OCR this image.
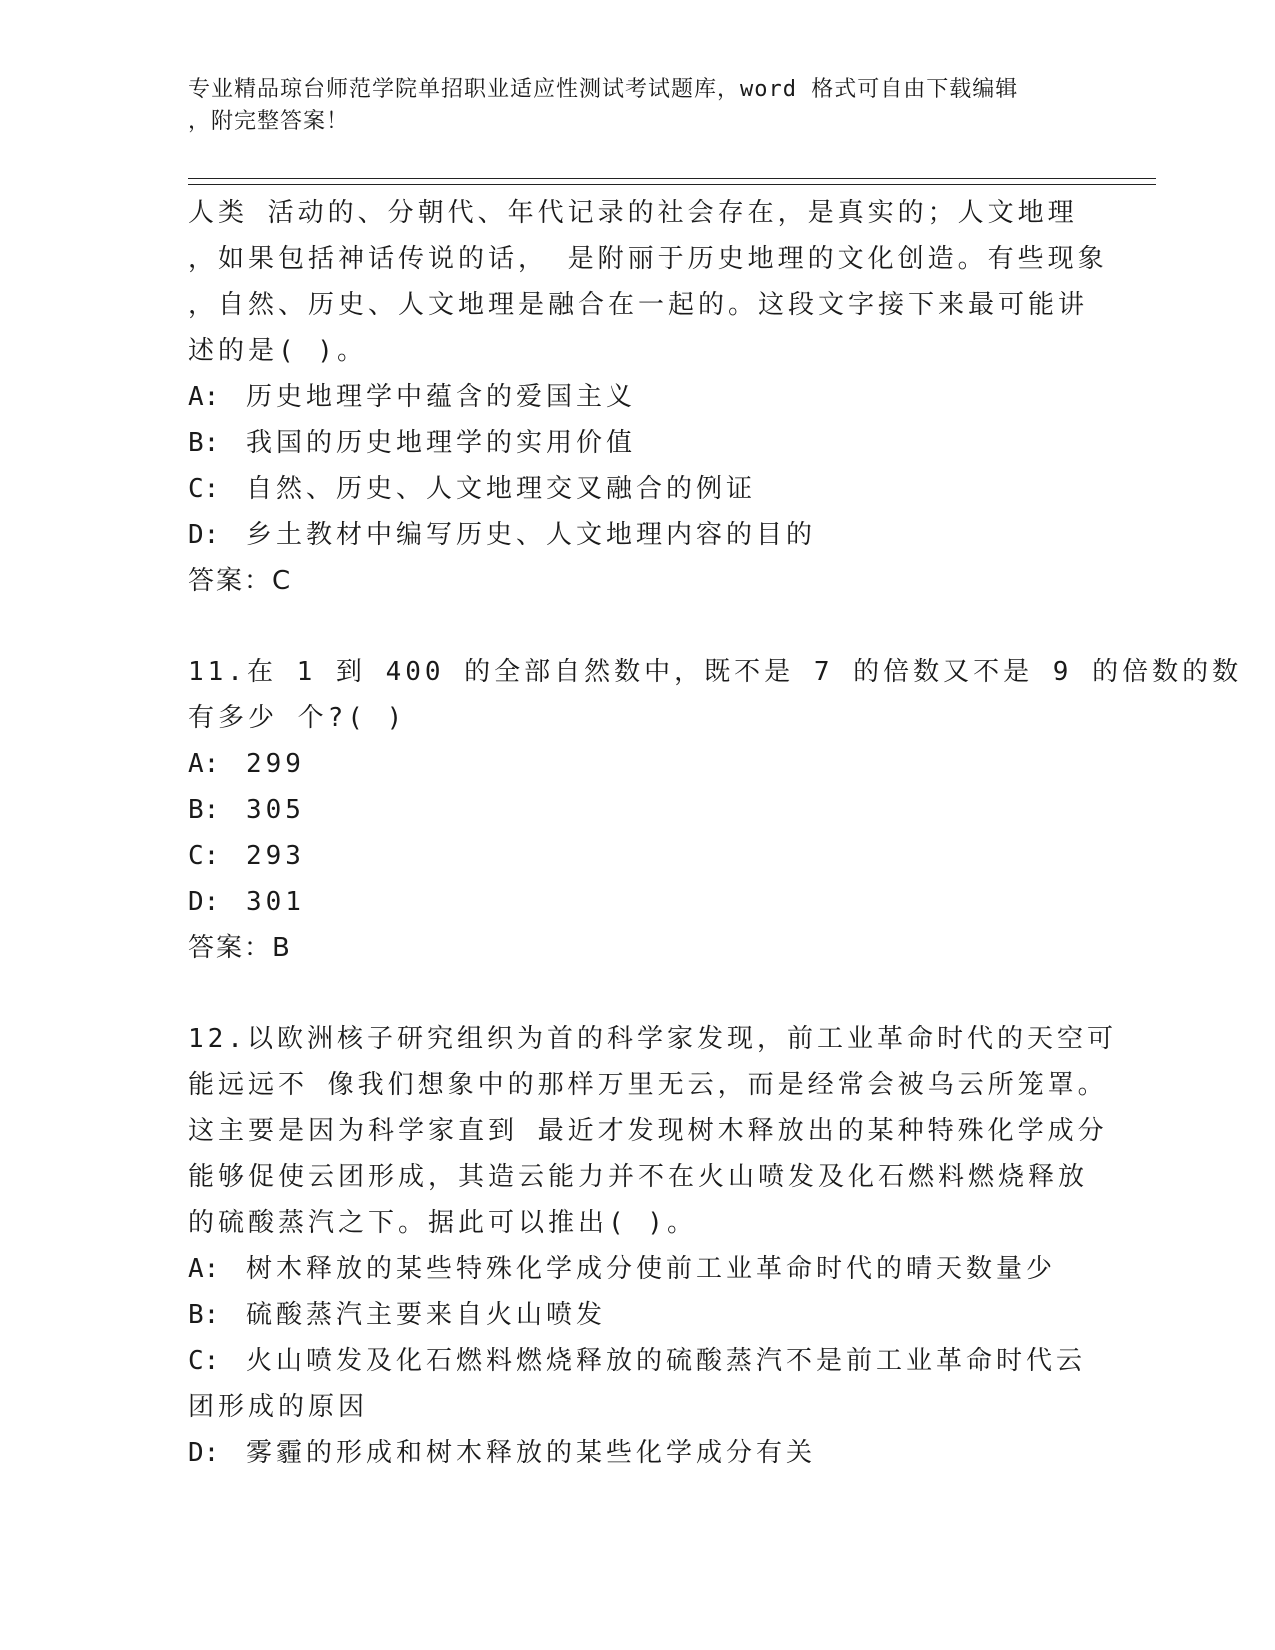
专业精品琼台师范学院单招职业适应性测试考试题库，word 格式可自由下载编辑
，附完整答案！
人类 活动的、分朝代、年代记录的社会存在，是真实的；人文地理
，如果包括神话传说的话， 是附丽于历史地理的文化创造。有些现象
，自然、历史、人文地理是融合在一起的。这段文字接下来最可能讲
述的是( )。
A: 历史地理学中蕴含的爱国主义
B: 我国的历史地理学的实用价值
C: 自然、历史、人文地理交叉融合的例证
D: 乡土教材中编写历史、人文地理内容的目的
答案：C
11.在 1 到 400 的全部自然数中，既不是 7 的倍数又不是 9 的倍数的数
有多少 个?( )
A: 299
B: 305
C: 293
D: 301
答案：B
12.以欧洲核子研究组织为首的科学家发现，前工业革命时代的天空可
能远远不 像我们想象中的那样万里无云，而是经常会被乌云所笼罩。
这主要是因为科学家直到 最近才发现树木释放出的某种特殊化学成分
能够促使云团形成，其造云能力并不在火山喷发及化石燃料燃烧释放
的硫酸蒸汽之下。据此可以推出( )。
A: 树木释放的某些特殊化学成分使前工业革命时代的晴天数量少
B: 硫酸蒸汽主要来自火山喷发
C: 火山喷发及化石燃料燃烧释放的硫酸蒸汽不是前工业革命时代云
团形成的原因
D: 雾霾的形成和树木释放的某些化学成分有关
